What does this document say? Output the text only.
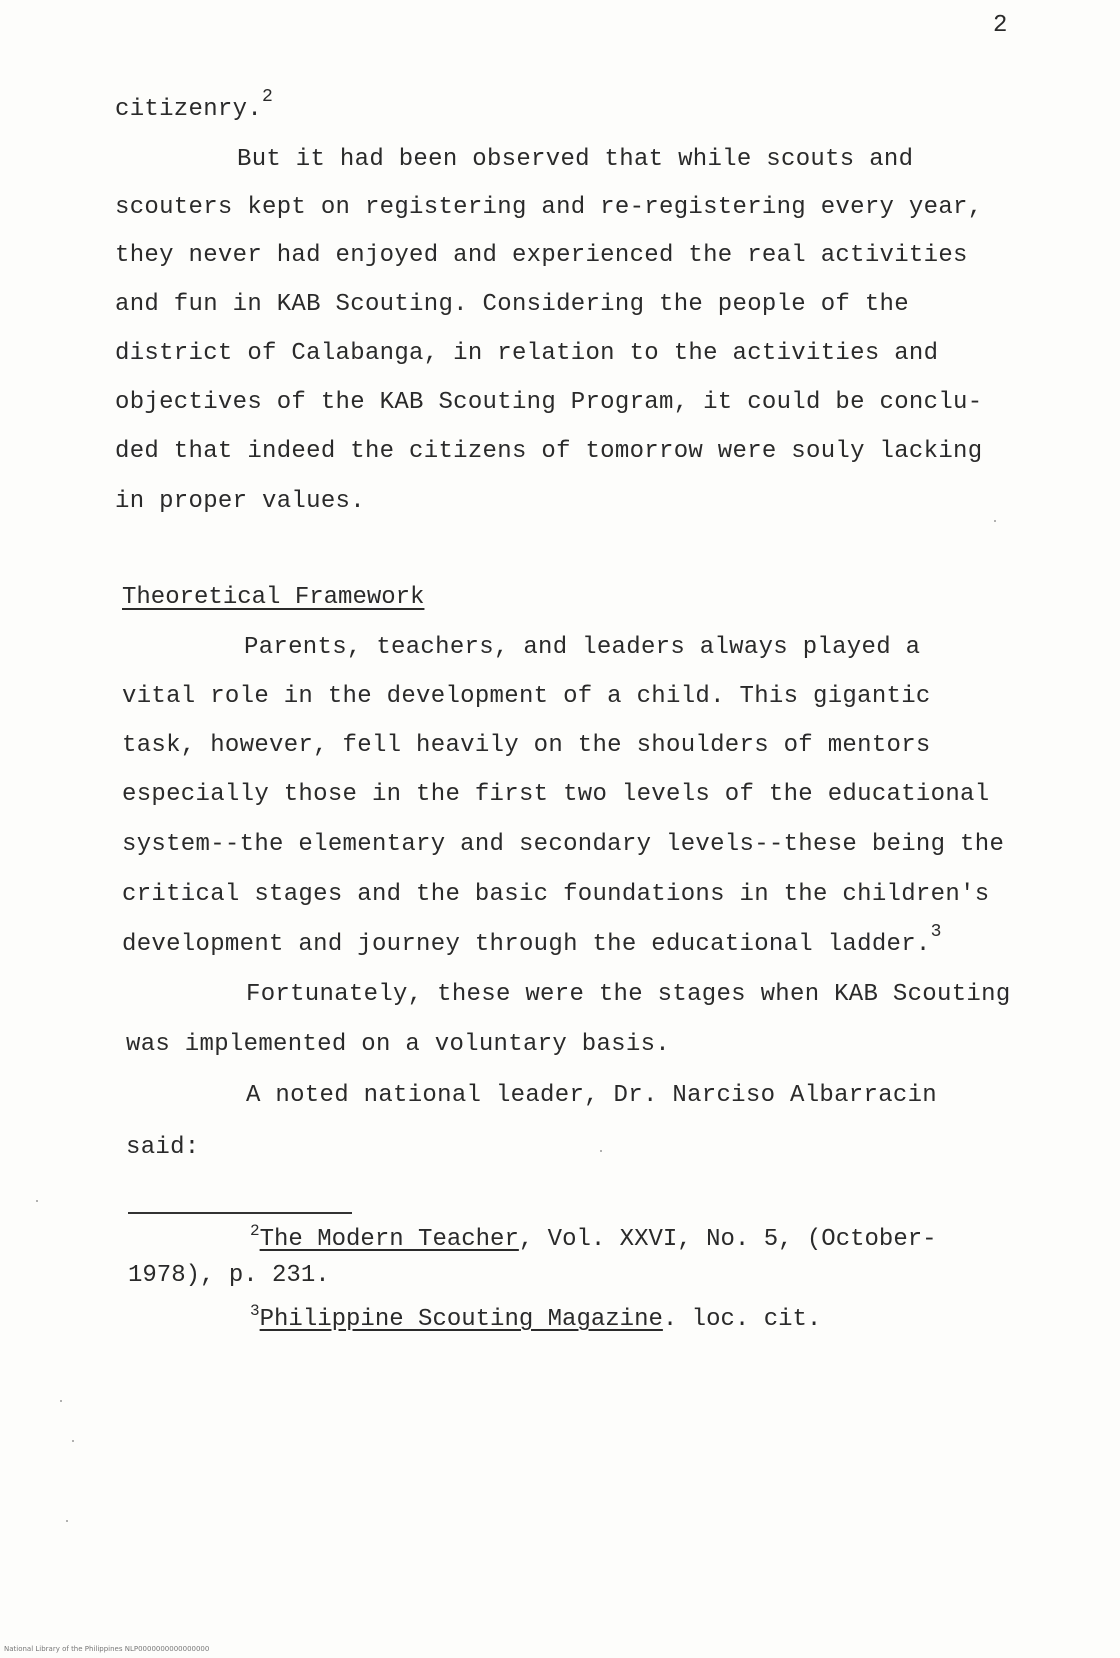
2
citizenry.$^2$
But it had been observed that while scouts and
scouters kept on registering and re-registering every year,
they never had enjoyed and experienced the real activities
and fun in KAB Scouting. Considering the people of the
district of Calabanga, in relation to the activities and
objectives of the KAB Scouting Program, it could be conclu-
ded that indeed the citizens of tomorrow were souly lacking
in proper values.
Theoretical Framework
Parents, teachers, and leaders always played a
vital role in the development of a child. This gigantic
task, however, fell heavily on the shoulders of mentors
especially those in the first two levels of the educational
system--the elementary and secondary levels--these being the
critical stages and the basic foundations in the children's
development and journey through the educational ladder.$^3$
Fortunately, these were the stages when KAB Scouting
was implemented on a voluntary basis.
A noted national leader, Dr. Narciso Albarracin
said:
$^2$The Modern Teacher, Vol. XXVI, No. 5, (October-
1978), p. 231.
$^3$Philippine Scouting Magazine. loc. cit.
National Library of the Philippines NLP0000000000000000
